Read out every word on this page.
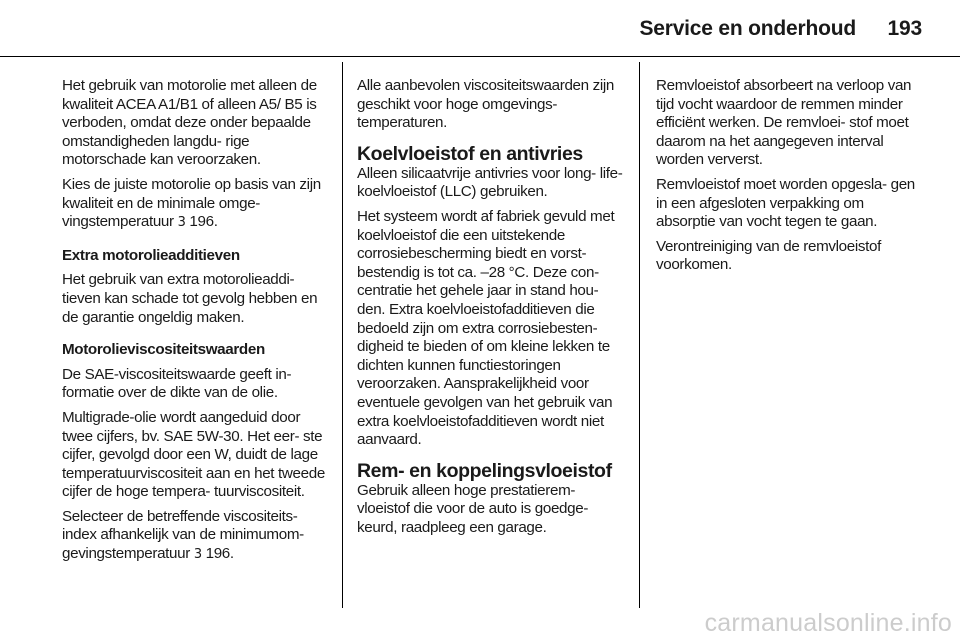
Service en onderhoud 193

Het gebruik van motorolie met alleen de kwaliteit ACEA A1/B1 of alleen A5/ B5 is verboden, omdat deze onder bepaalde omstandigheden langdu- rige motorschade kan veroorzaken.

Kies de juiste motorolie op basis van zijn kwaliteit en de minimale omge- vingstemperatuur 3 196.

Extra motorolieadditieven

Het gebruik van extra motorolieaddi- tieven kan schade tot gevolg hebben en de garantie ongeldig maken.

Motorolieviscositeitswaarden

De SAE-viscositeitswaarde geeft in- formatie over de dikte van de olie.

Multigrade-olie wordt aangeduid door twee cijfers, bv. SAE 5W-30. Het eer- ste cijfer, gevolgd door een W, duidt de lage temperatuurviscositeit aan en het tweede cijfer de hoge tempera- tuurviscositeit.

Selecteer de betreffende viscositeits- index afhankelijk van de minimumom- gevingstemperatuur 3 196.

Alle aanbevolen viscositeitswaarden zijn geschikt voor hoge omgevings- temperaturen.

Koelvloeistof en antivries

Alleen silicaatvrije antivries voor long- life-koelvloeistof (LLC) gebruiken.

Het systeem wordt af fabriek gevuld met koelvloeistof die een uitstekende corrosiebescherming biedt en vorst- bestendig is tot ca. –28 °C. Deze con- centratie het gehele jaar in stand hou- den. Extra koelvloeistofadditieven die bedoeld zijn om extra corrosiebesten- digheid te bieden of om kleine lekken te dichten kunnen functiestoringen veroorzaken. Aansprakelijkheid voor eventuele gevolgen van het gebruik van extra koelvloeistofadditieven wordt niet aanvaard.

Rem- en koppelingsvloeistof

Gebruik alleen hoge prestatierem- vloeistof die voor de auto is goedge- keurd, raadpleeg een garage.

Remvloeistof absorbeert na verloop van tijd vocht waardoor de remmen minder efficiënt werken. De remvloei- stof moet daarom na het aangegeven interval worden ververst.

Remvloeistof moet worden opgesla- gen in een afgesloten verpakking om absorptie van vocht tegen te gaan.

Verontreiniging van de remvloeistof voorkomen.

carmanualsonline.info
